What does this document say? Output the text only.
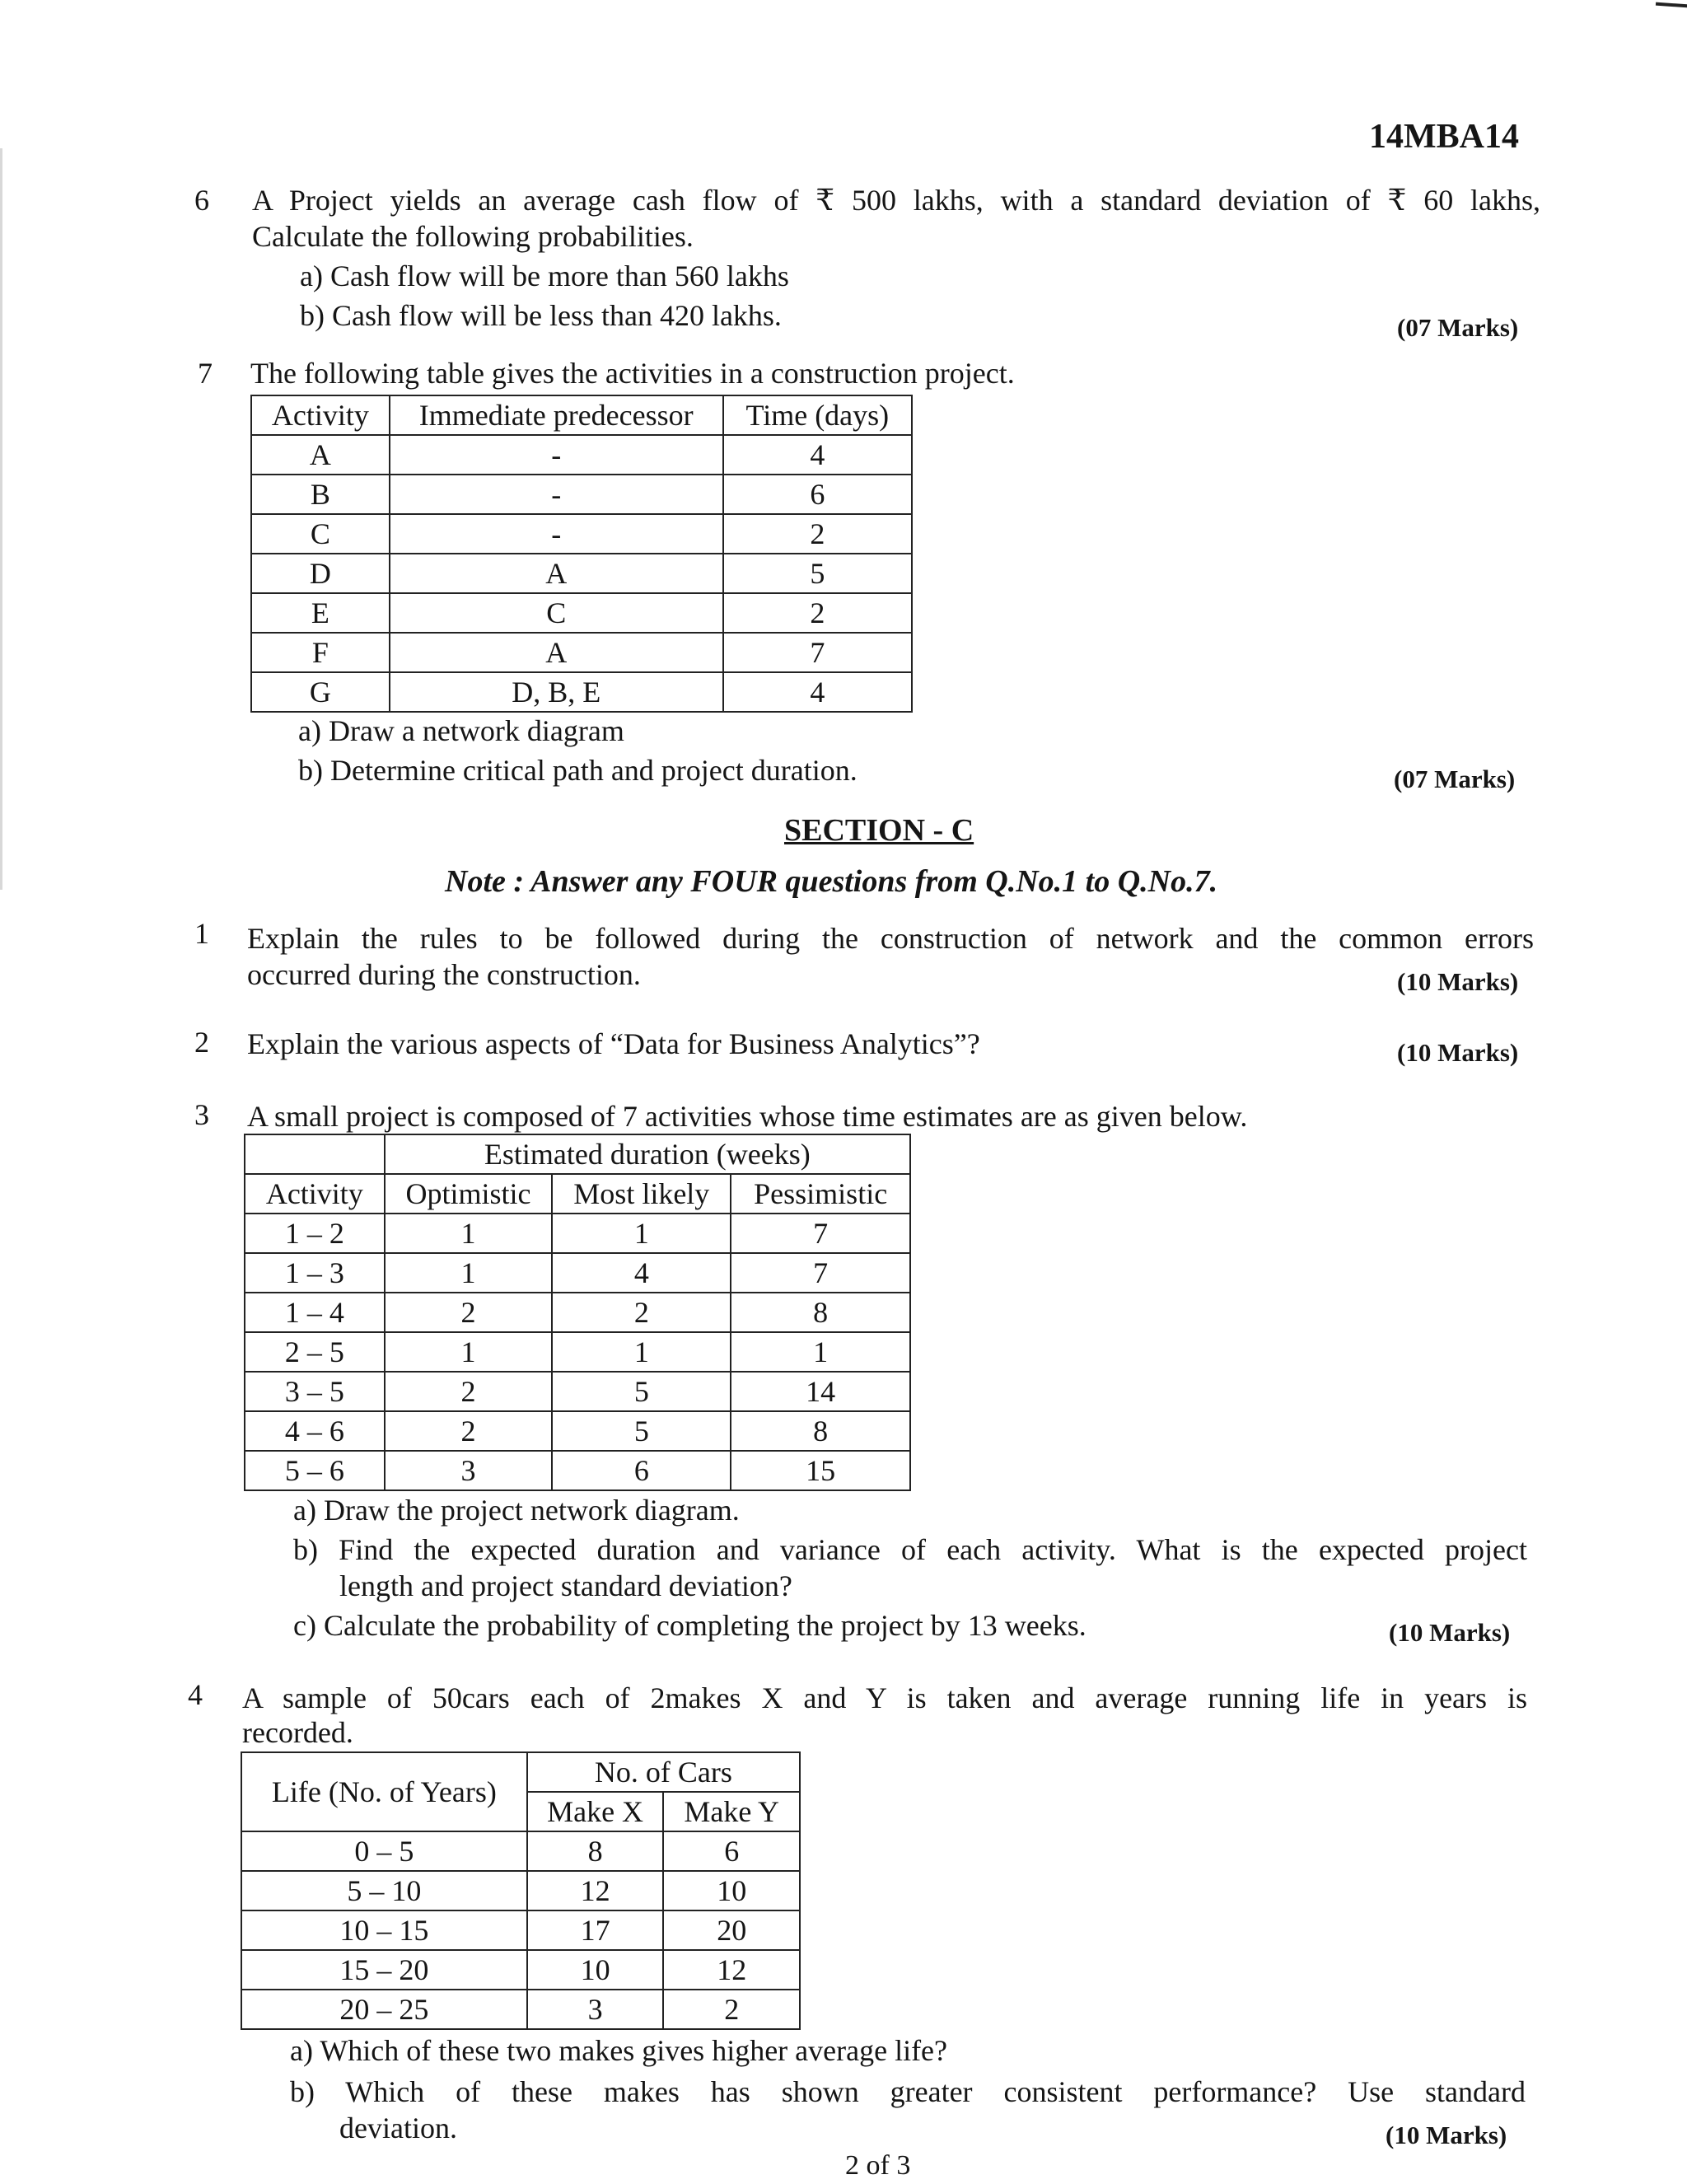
14MBA14
6 A Project yields an average cash flow of ₹ 500 lakhs, with a standard deviation of ₹ 60 lakhs,
Calculate the following probabilities.
a) Cash flow will be more than 560 lakhs
b) Cash flow will be less than 420 lakhs.	(07 Marks)
7 The following table gives the activities in a construction project.
Activity	Immediate predecessor	Time (days)
A	-	4
B	-	6
C	-	2
D	A	5
E	C	2
F	A	7
G	D, B, E	4
a) Draw a network diagram
b) Determine critical path and project duration.	(07 Marks)
SECTION - C
Note : Answer any FOUR questions from Q.No.1 to Q.No.7.
1 Explain the rules to be followed during the construction of network and the common errors
occurred during the construction.	(10 Marks)
2 Explain the various aspects of “Data for Business Analytics”?	(10 Marks)
3 A small project is composed of 7 activities whose time estimates are as given below.
	Estimated duration (weeks)		
Activity	Optimistic	Most likely	Pessimistic
1 – 2	1	1	7
1 – 3	1	4	7
1 – 4	2	2	8
2 – 5	1	1	1
3 – 5	2	5	14
4 – 6	2	5	8
5 – 6	3	6	15
a) Draw the project network diagram.
b) Find the expected duration and variance of each activity. What is the expected project
length and project standard deviation?
c) Calculate the probability of completing the project by 13 weeks.	(10 Marks)
4 A sample of 50cars each of 2makes X and Y is taken and average running life in years is
recorded.
Life (No. of Years)	No. of Cars	
	Make X	Make Y
0 – 5	8	6
5 – 10	12	10
10 – 15	17	20
15 – 20	10	12
20 – 25	3	2
a) Which of these two makes gives higher average life?
b) Which of these makes has shown greater consistent performance? Use standard
deviation.	(10 Marks)
2 of 3
